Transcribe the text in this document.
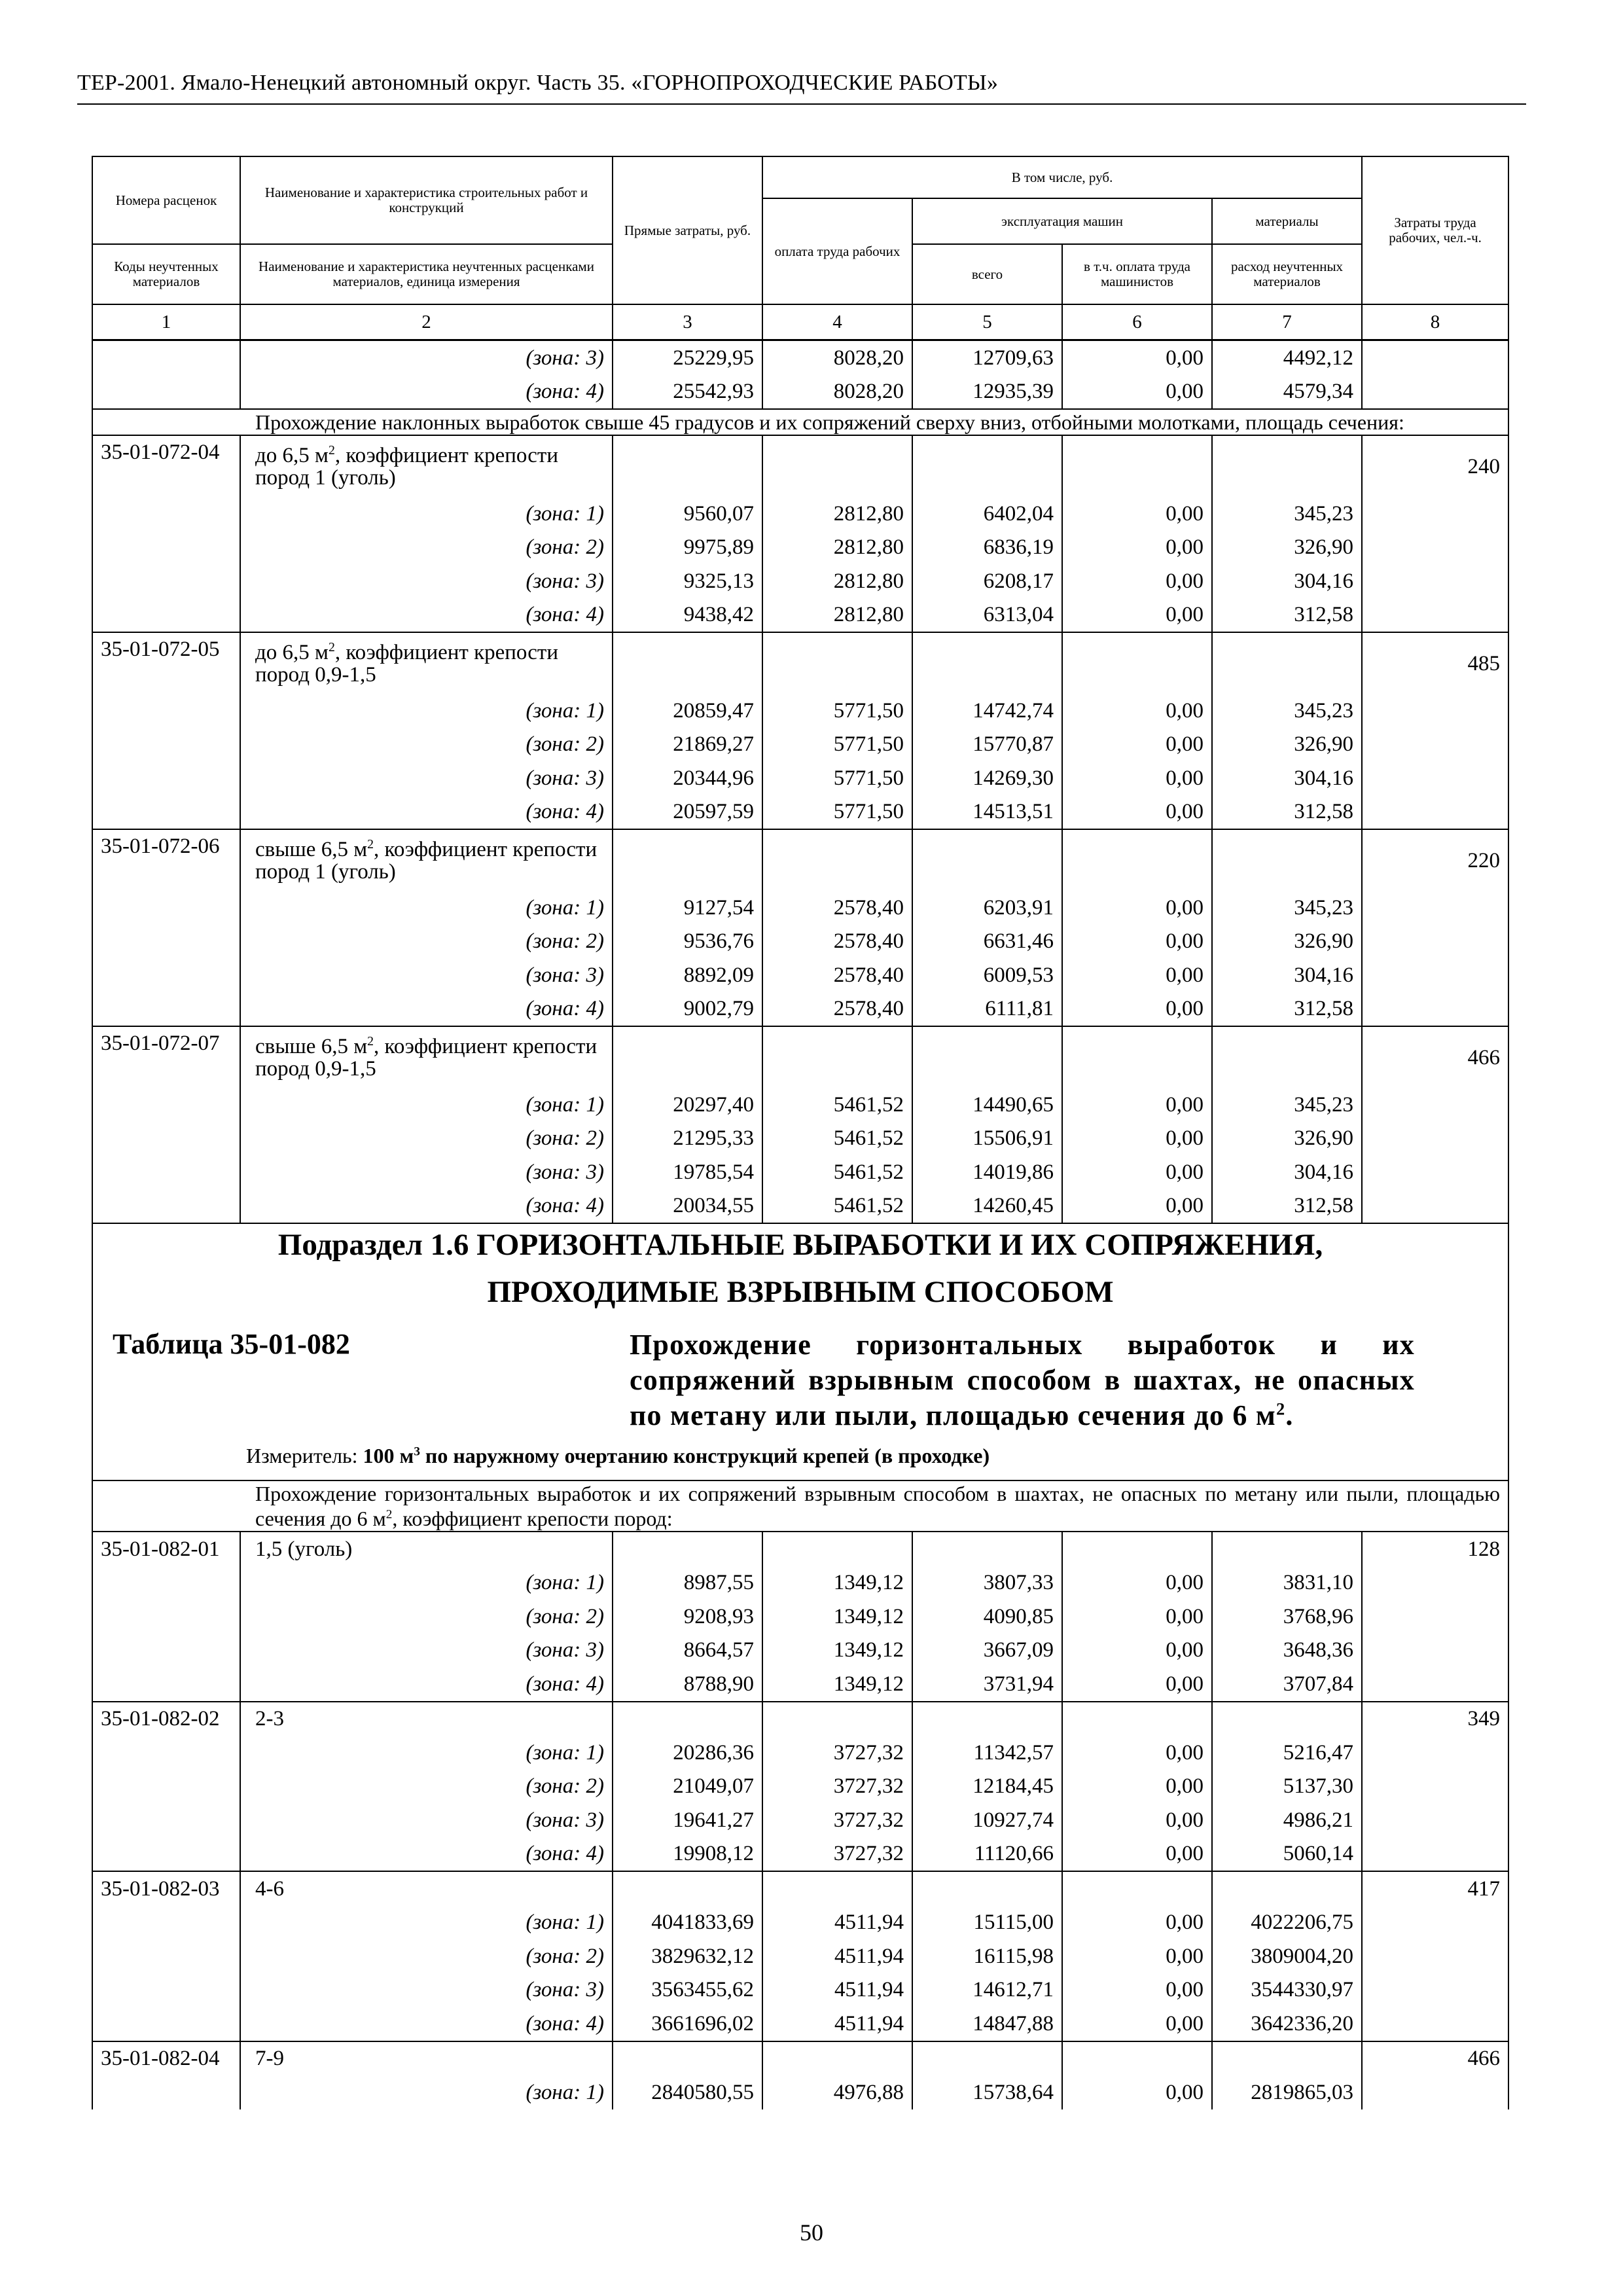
ТЕР-2001. Ямало-Ненецкий автономный округ. Часть 35. «ГОРНОПРОХОДЧЕСКИЕ РАБОТЫ»
Номера расценок	Наименование и характеристика строительных работ и конструкций	Прямые затраты, руб.	В том числе, руб.				Затраты труда рабочих, чел.-ч.
			оплата труда рабочих	эксплуатация машин		материалы	
Коды неучтенных материалов	Наименование и характеристика неучтенных расценками материалов, единица измерения			всего	в т.ч. оплата труда машинистов	расход неучтенных материалов	

1	2	3	4	5	6	7	8
	(зона: 3)	25229,95	8028,20	12709,63	0,00	4492,12	
	(зона: 4)	25542,93	8028,20	12935,39	0,00	4579,34	
Прохождение наклонных выработок свыше 45 градусов и их сопряжений сверху вниз, отбойными молотками, площадь сечения:							
35-01-072-04	до 6,5 $м^2$, коэффициент крепости пород 1 (уголь)						240
	(зона: 1)	9560,07	2812,80	6402,04	0,00	345,23	
	(зона: 2)	9975,89	2812,80	6836,19	0,00	326,90	
	(зона: 3)	9325,13	2812,80	6208,17	0,00	304,16	
	(зона: 4)	9438,42	2812,80	6313,04	0,00	312,58	
35-01-072-05	до 6,5 $м^2$, коэффициент крепости пород 0,9-1,5						485
	(зона: 1)	20859,47	5771,50	14742,74	0,00	345,23	
	(зона: 2)	21869,27	5771,50	15770,87	0,00	326,90	
	(зона: 3)	20344,96	5771,50	14269,30	0,00	304,16	
	(зона: 4)	20597,59	5771,50	14513,51	0,00	312,58	
35-01-072-06	свыше 6,5 $м^2$, коэффициент крепости пород 1 (уголь)						220
	(зона: 1)	9127,54	2578,40	6203,91	0,00	345,23	
	(зона: 2)	9536,76	2578,40	6631,46	0,00	326,90	
	(зона: 3)	8892,09	2578,40	6009,53	0,00	304,16	
	(зона: 4)	9002,79	2578,40	6111,81	0,00	312,58	
35-01-072-07	свыше 6,5 $м^2$, коэффициент крепости пород 0,9-1,5						466
	(зона: 1)	20297,40	5461,52	14490,65	0,00	345,23	
	(зона: 2)	21295,33	5461,52	15506,91	0,00	326,90	
	(зона: 3)	19785,54	5461,52	14019,86	0,00	304,16	
	(зона: 4)	20034,55	5461,52	14260,45	0,00	312,58	

Подраздел 1.6 ГОРИЗОНТАЛЬНЫЕ ВЫРАБОТКИ И ИХ СОПРЯЖЕНИЯ,
ПРОХОДИМЫЕ ВЗРЫВНЫМ СПОСОБОМ
Таблица 35-01-082 Прохождение горизонтальных выработок и их сопряжений взрывным способом в шахтах, не опасных по метану или пыли, площадью сечения до 6 $м^2$.
Измеритель: 100 $м^3$ по наружному очертанию конструкций крепей (в проходке)							

Прохождение горизонтальных выработок и их сопряжений взрывным способом в шахтах, не опасных по метану или пыли, площадью сечения до 6 $м^2$, коэффициент крепости пород:							
35-01-082-01	1,5 (уголь)						128
	(зона: 1)	8987,55	1349,12	3807,33	0,00	3831,10	
	(зона: 2)	9208,93	1349,12	4090,85	0,00	3768,96	
	(зона: 3)	8664,57	1349,12	3667,09	0,00	3648,36	
	(зона: 4)	8788,90	1349,12	3731,94	0,00	3707,84	
35-01-082-02	2-3						349
	(зона: 1)	20286,36	3727,32	11342,57	0,00	5216,47	
	(зона: 2)	21049,07	3727,32	12184,45	0,00	5137,30	
	(зона: 3)	19641,27	3727,32	10927,74	0,00	4986,21	
	(зона: 4)	19908,12	3727,32	11120,66	0,00	5060,14	
35-01-082-03	4-6						417
	(зона: 1)	4041833,69	4511,94	15115,00	0,00	4022206,75	
	(зона: 2)	3829632,12	4511,94	16115,98	0,00	3809004,20	
	(зона: 3)	3563455,62	4511,94	14612,71	0,00	3544330,97	
	(зона: 4)	3661696,02	4511,94	14847,88	0,00	3642336,20	
35-01-082-04	7-9						466
	(зона: 1)	2840580,55	4976,88	15738,64	0,00	2819865,03	
50
